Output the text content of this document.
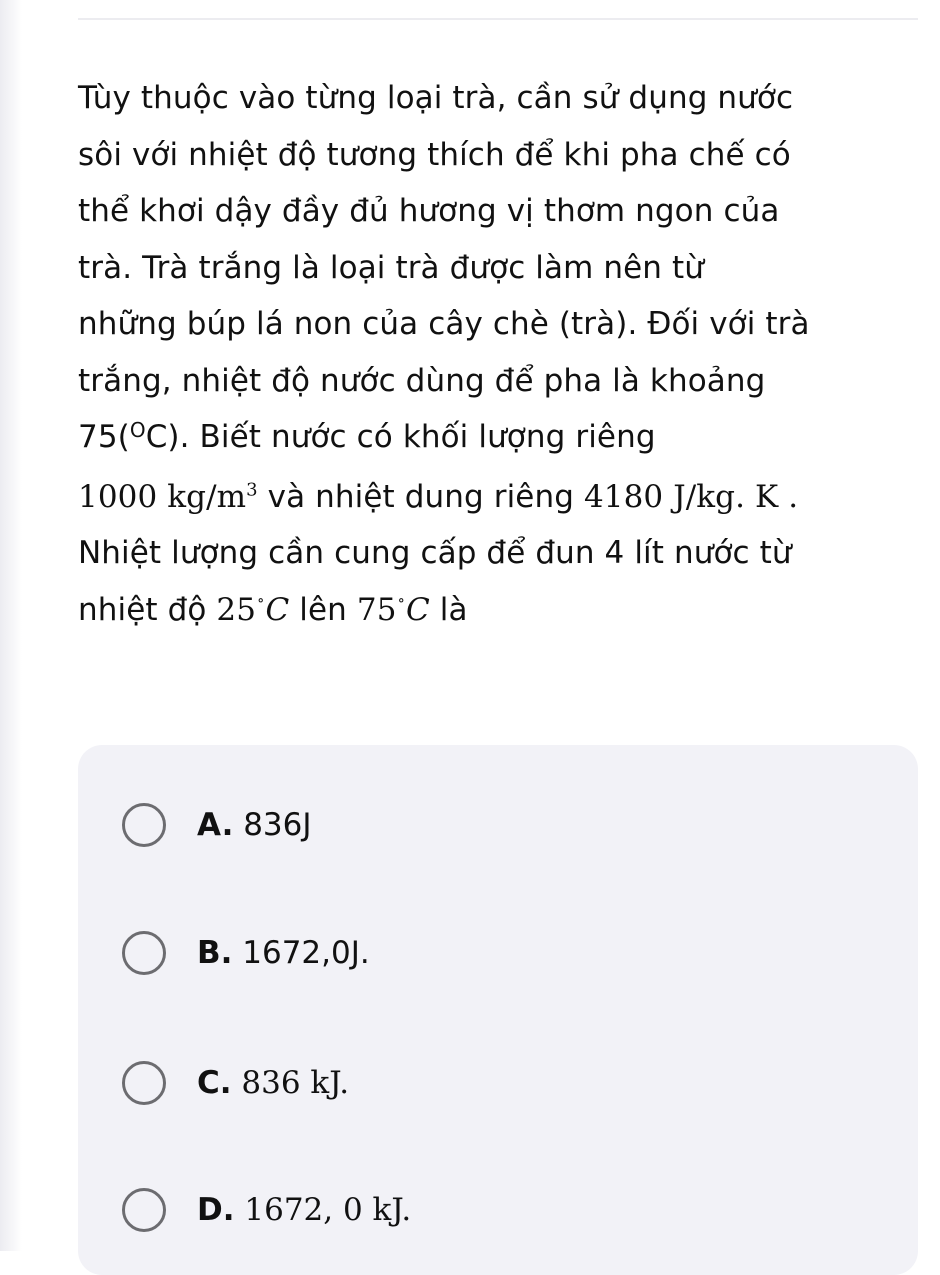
Tùy thuộc vào từng loại trà, cần sử dụng nước
sôi với nhiệt độ tương thích để khi pha chế có
thể khơi dậy đầy đủ hương vị thơm ngon của
trà. Trà trắng là loại trà được làm nên từ
những búp lá non của cây chè (trà). Đối với trà
trắng, nhiệt độ nước dùng để pha là khoảng
75($^O$C). Biết nước có khối lượng riêng
1000 $kg/m^3$ và nhiệt dung riêng 4180 J/kg. K .
Nhiệt lượng cần cung cấp để đun 4 lít nước từ
nhiệt độ 25∘C lên 75∘C là
A. 836J
B. 1672,0J.
C. 836 kJ.
D. 1672, 0 kJ.
